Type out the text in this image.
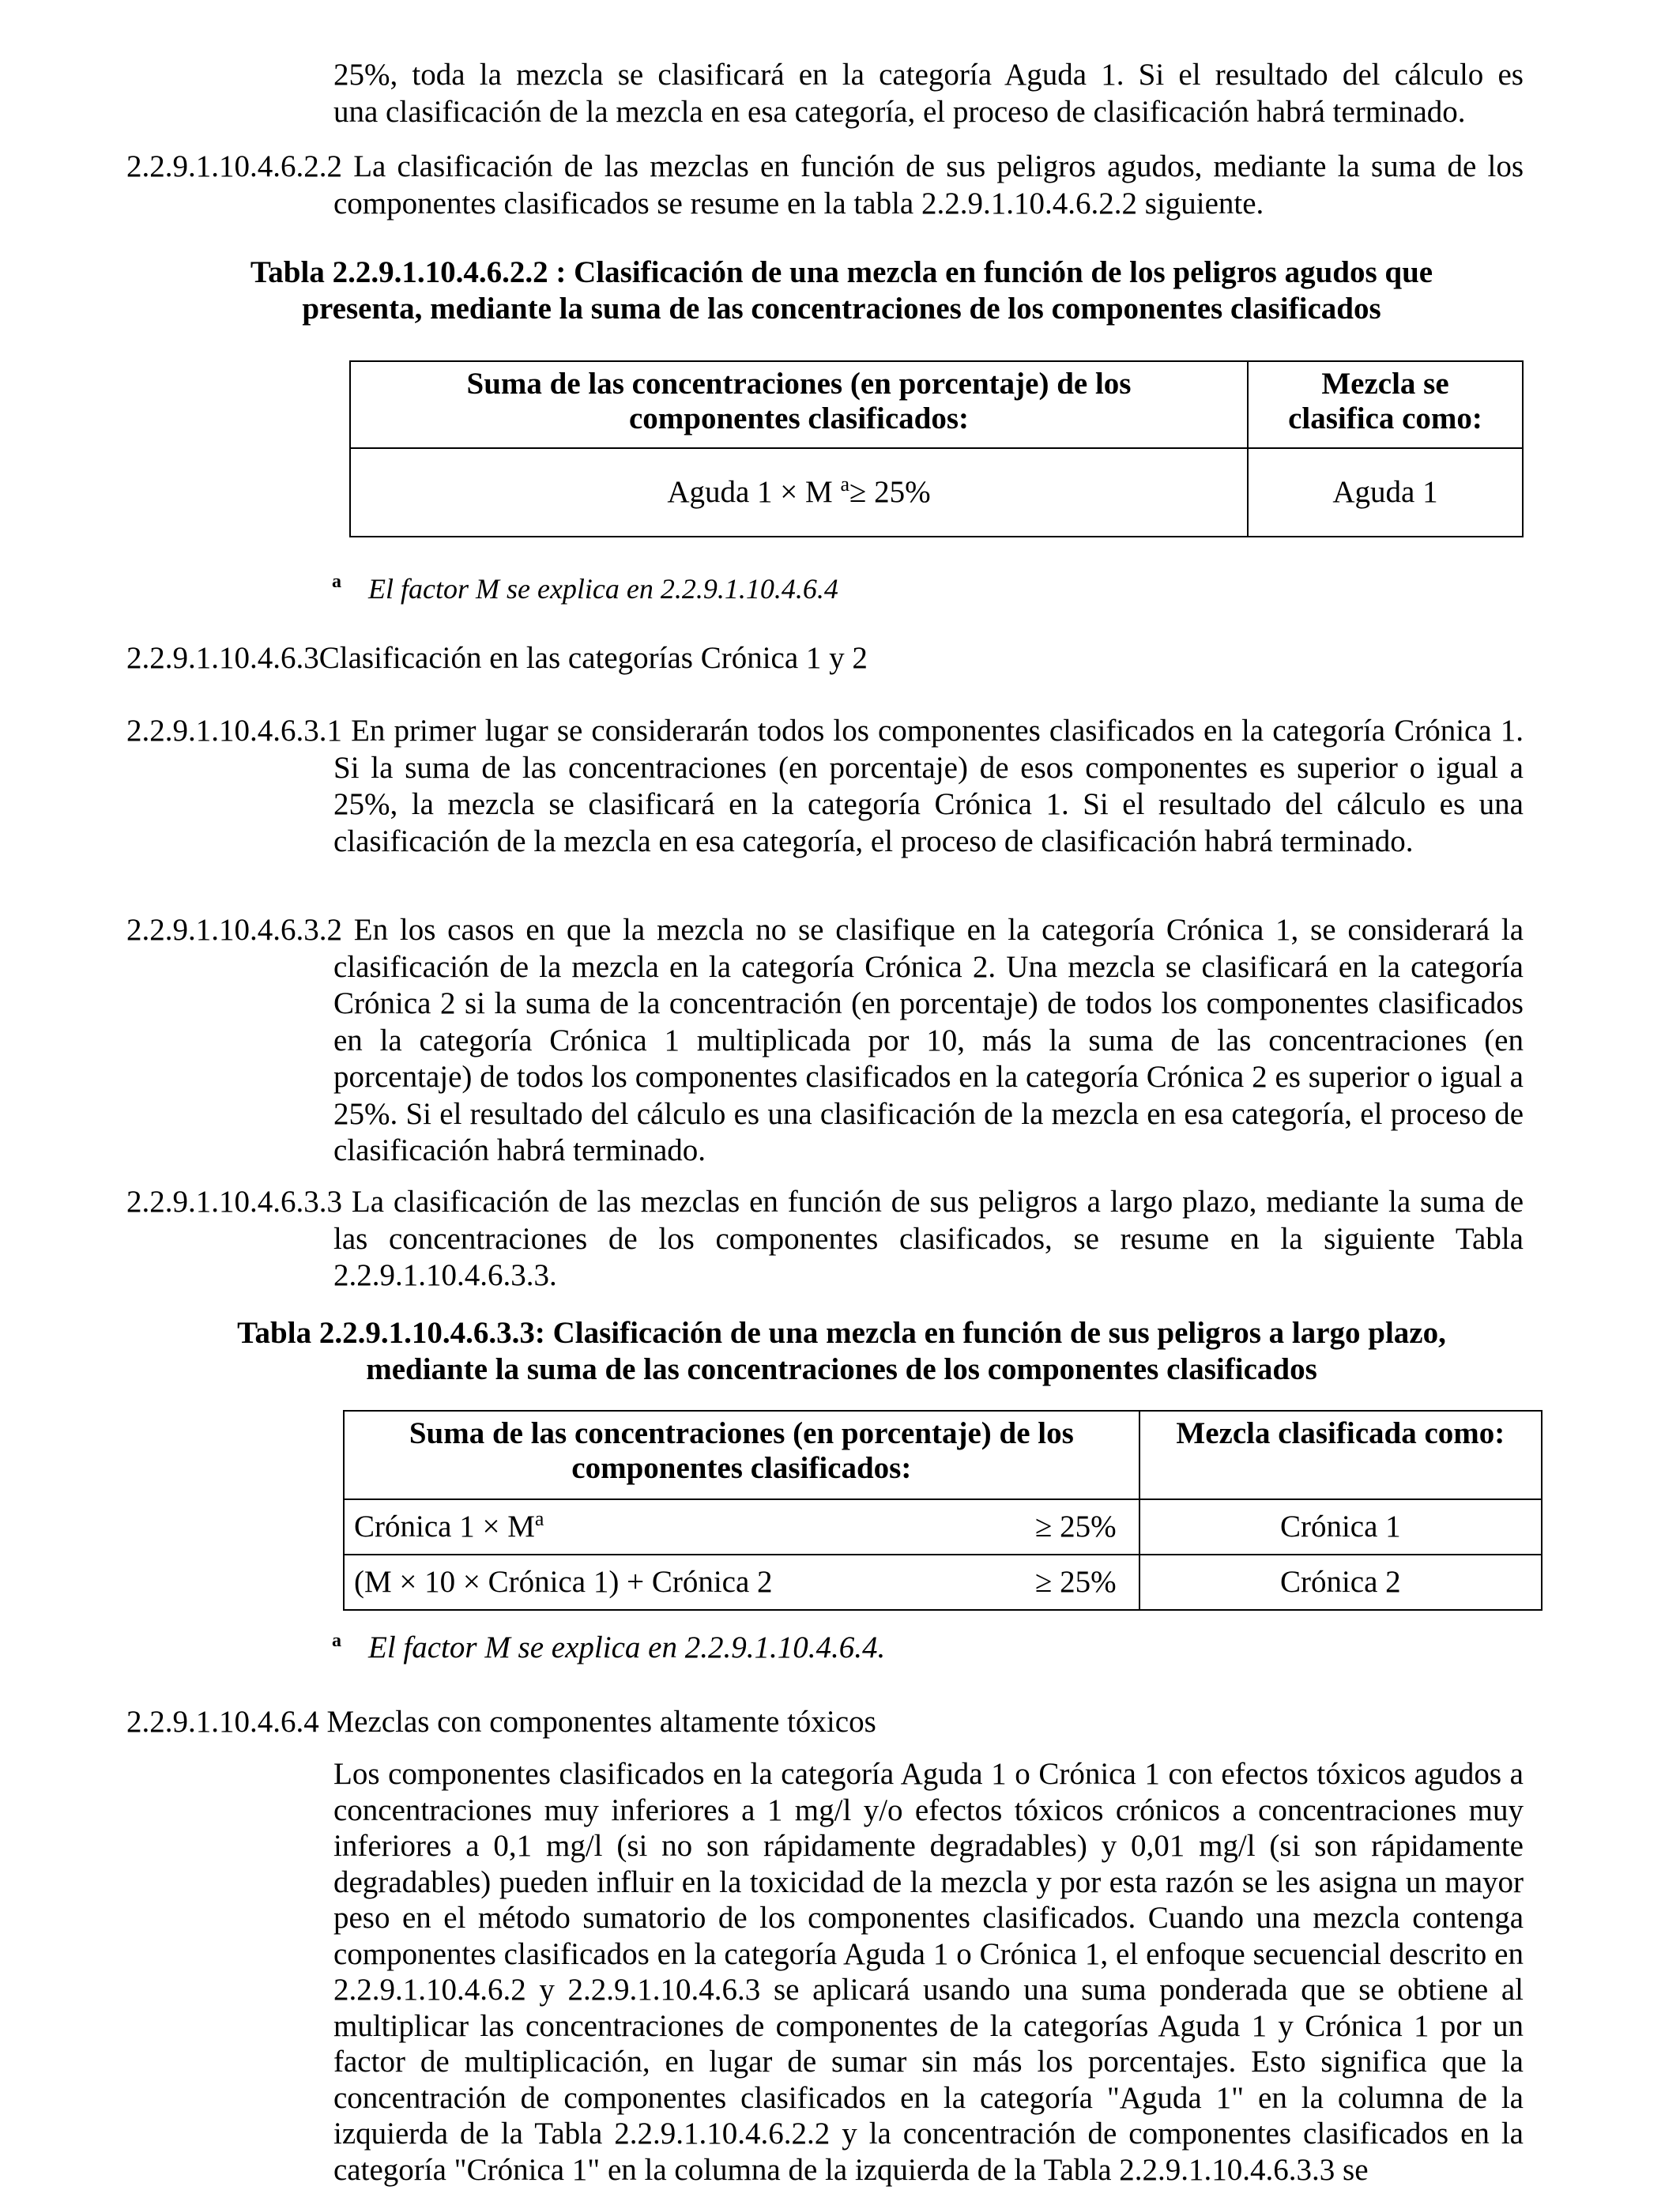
25%, toda la mezcla se clasificará en la categoría Aguda 1. Si el resultado del cálculo es
una clasificación de la mezcla en esa categoría, el proceso de clasificación habrá terminado.
2.2.9.1.10.4.6.2.2 La clasificación de las mezclas en función de sus peligros agudos, mediante la suma de los componentes clasificados se resume en la tabla 2.2.9.1.10.4.6.2.2 siguiente.
Tabla 2.2.9.1.10.4.6.2.2 : Clasificación de una mezcla en función de los peligros agudos que
presenta, mediante la suma de las concentraciones de los componentes clasificados
Suma de las concentraciones (en porcentaje) de los componentes clasificados:	Mezcla se clasifica como:
Aguda 1 × M $^a$≥ 25%	Aguda 1
$^a$ El factor M se explica en 2.2.9.1.10.4.6.4
2.2.9.1.10.4.6.3Clasificación en las categorías Crónica 1 y 2
2.2.9.1.10.4.6.3.1 En primer lugar se considerarán todos los componentes clasificados en la categoría Crónica 1. Si la suma de las concentraciones (en porcentaje) de esos componentes es superior o igual a 25%, la mezcla se clasificará en la categoría Crónica 1. Si el resultado del cálculo es una clasificación de la mezcla en esa categoría, el proceso de clasificación habrá terminado.
2.2.9.1.10.4.6.3.2 En los casos en que la mezcla no se clasifique en la categoría Crónica 1, se considerará la clasificación de la mezcla en la categoría Crónica 2. Una mezcla se clasificará en la categoría Crónica 2 si la suma de la concentración (en porcentaje) de todos los componentes clasificados en la categoría Crónica 1 multiplicada por 10, más la suma de las concentraciones (en porcentaje) de todos los componentes clasificados en la categoría Crónica 2 es superior o igual a 25%. Si el resultado del cálculo es una clasificación de la mezcla en esa categoría, el proceso de clasificación habrá terminado.
2.2.9.1.10.4.6.3.3 La clasificación de las mezclas en función de sus peligros a largo plazo, mediante la suma de las concentraciones de los componentes clasificados, se resume en la siguiente Tabla 2.2.9.1.10.4.6.3.3.
Tabla 2.2.9.1.10.4.6.3.3: Clasificación de una mezcla en función de sus peligros a largo plazo,
mediante la suma de las concentraciones de los componentes clasificados
Suma de las concentraciones (en porcentaje) de los componentes clasificados:		Mezcla clasificada como:
Crónica $1 \times M^a$	≥ 25%	Crónica 1
(M × 10 × Crónica 1) + Crónica 2	≥ 25%	Crónica 2
$^a$ El factor M se explica en 2.2.9.1.10.4.6.4.
2.2.9.1.10.4.6.4 Mezclas con componentes altamente tóxicos
Los componentes clasificados en la categoría Aguda 1 o Crónica 1 con efectos tóxicos agudos a concentraciones muy inferiores a 1 mg/l y/o efectos tóxicos crónicos a concentraciones muy inferiores a 0,1 mg/l (si no son rápidamente degradables) y 0,01 mg/l (si son rápidamente degradables) pueden influir en la toxicidad de la mezcla y por esta razón se les asigna un mayor peso en el método sumatorio de los componentes clasificados. Cuando una mezcla contenga componentes clasificados en la categoría Aguda 1 o Crónica 1, el enfoque secuencial descrito en 2.2.9.1.10.4.6.2 y 2.2.9.1.10.4.6.3 se aplicará usando una suma ponderada que se obtiene al multiplicar las concentraciones de componentes de la categorías Aguda 1 y Crónica 1 por un factor de multiplicación, en lugar de sumar sin más los porcentajes. Esto significa que la concentración de componentes clasificados en la categoría "Aguda 1" en la columna de la izquierda de la Tabla 2.2.9.1.10.4.6.2.2 y la concentración de componentes clasificados en la categoría "Crónica 1" en la columna de la izquierda de la Tabla 2.2.9.1.10.4.6.3.3 se
